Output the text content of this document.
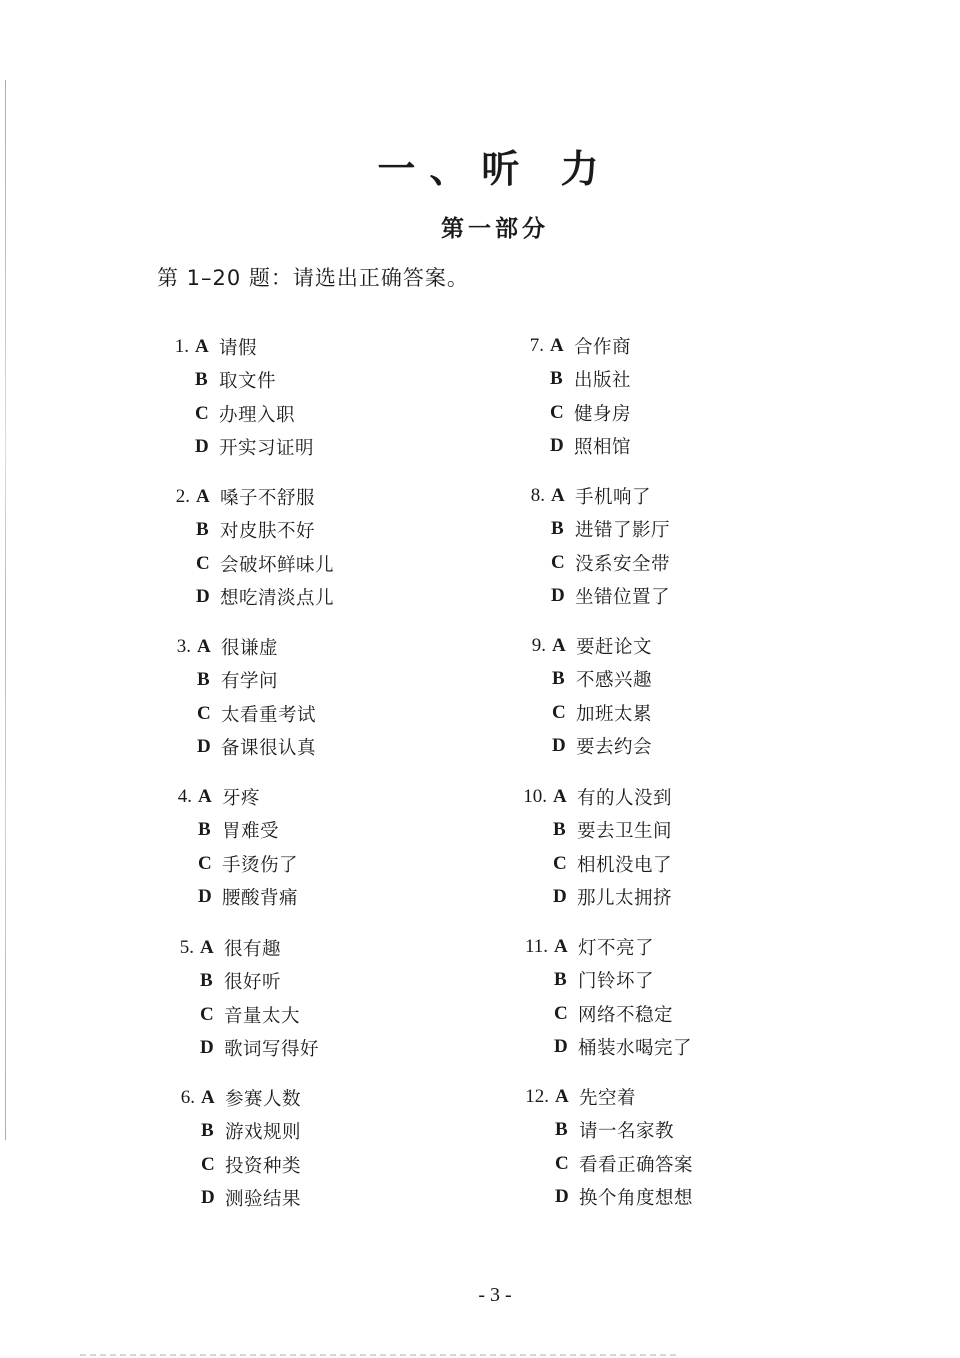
一、听 力
第一部分
第 1–20 题：请选出正确答案。
1. A 请假
B 取文件
C 办理入职
D 开实习证明
2. A 嗓子不舒服
B 对皮肤不好
C 会破坏鲜味儿
D 想吃清淡点儿
3. A 很谦虚
B 有学问
C 太看重考试
D 备课很认真
4. A 牙疼
B 胃难受
C 手烫伤了
D 腰酸背痛
5. A 很有趣
B 很好听
C 音量太大
D 歌词写得好
6. A 参赛人数
B 游戏规则
C 投资种类
D 测验结果
7. A 合作商
B 出版社
C 健身房
D 照相馆
8. A 手机响了
B 进错了影厅
C 没系安全带
D 坐错位置了
9. A 要赶论文
B 不感兴趣
C 加班太累
D 要去约会
10. A 有的人没到
B 要去卫生间
C 相机没电了
D 那儿太拥挤
11. A 灯不亮了
B 门铃坏了
C 网络不稳定
D 桶装水喝完了
12. A 先空着
B 请一名家教
C 看看正确答案
D 换个角度想想
- 3 -
